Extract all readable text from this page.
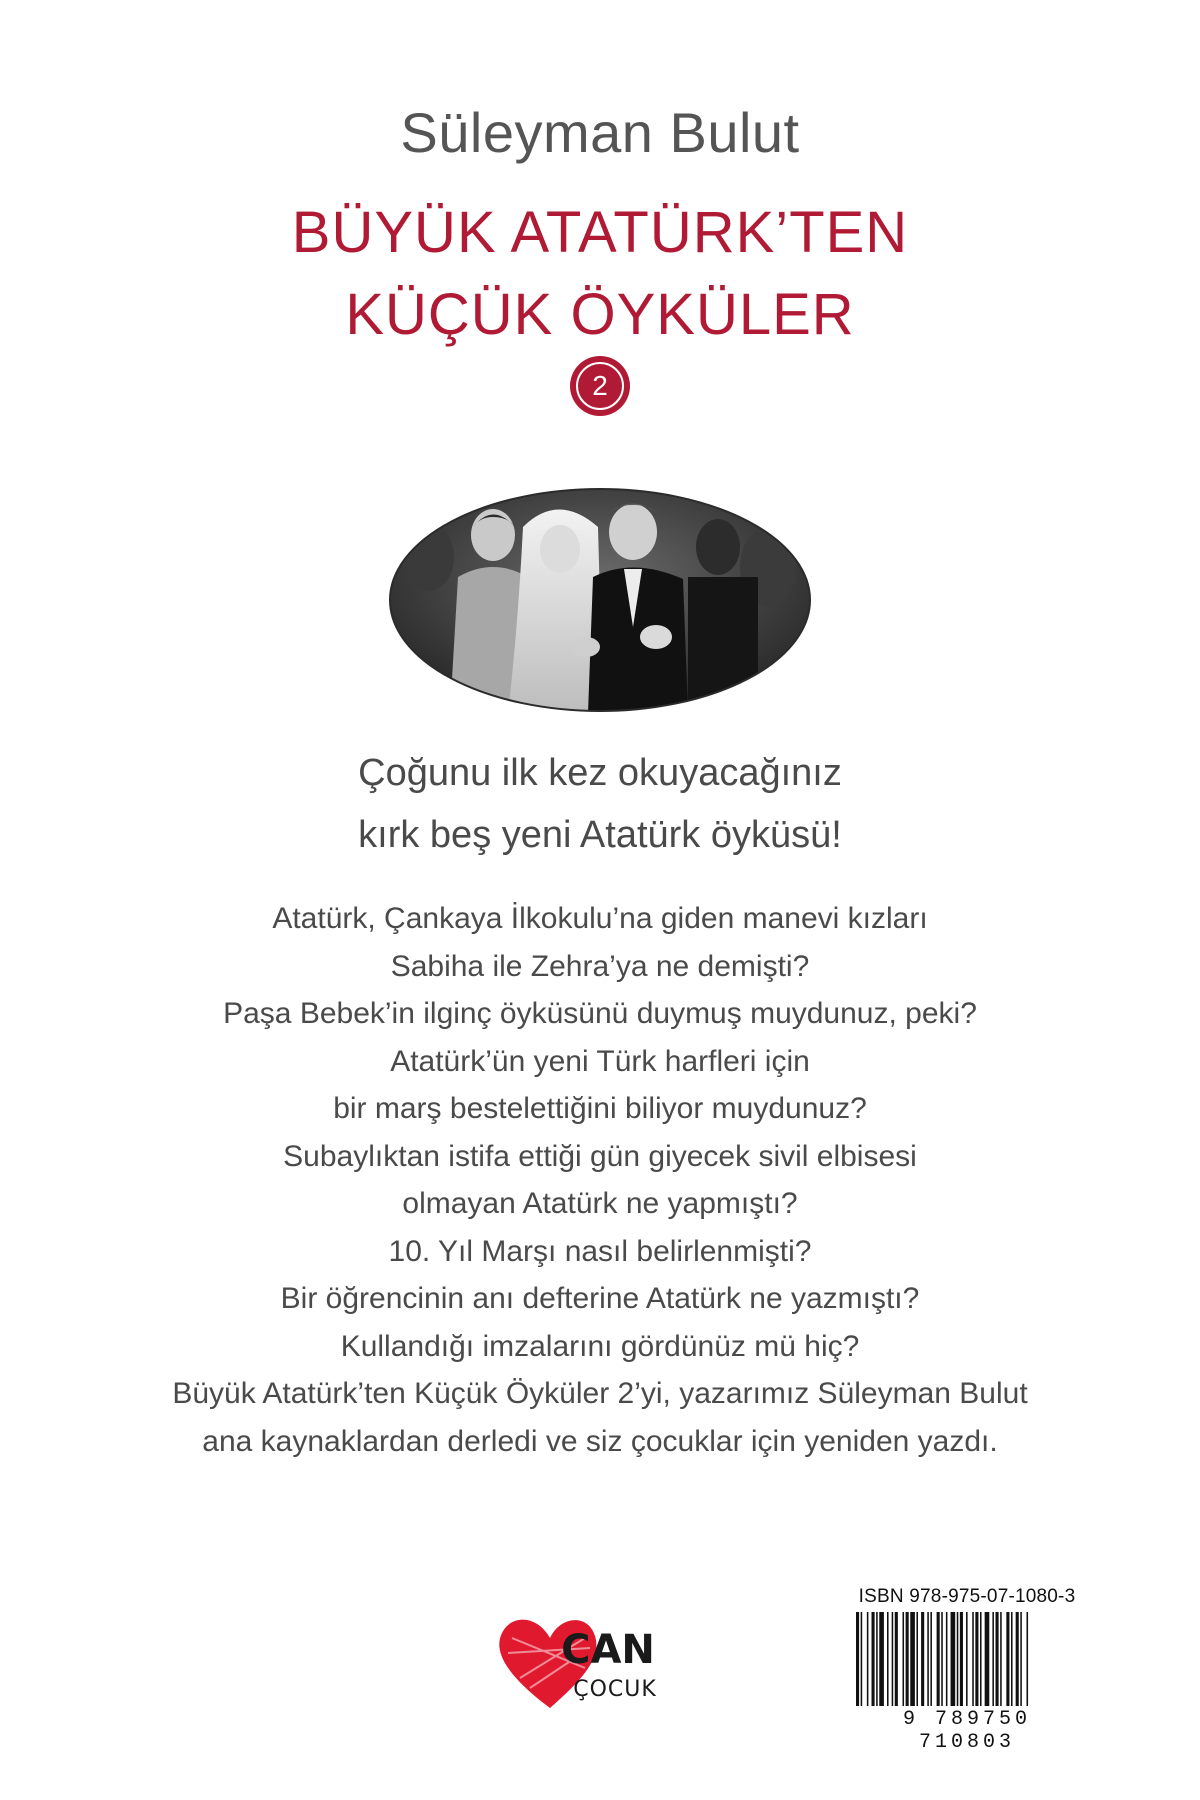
Süleyman Bulut
BÜYÜK ATATÜRK’TEN
KÜÇÜK ÖYKÜLER
2
Çoğunu ilk kez okuyacağınız
kırk beş yeni Atatürk öyküsü!
Atatürk, Çankaya İlkokulu’na giden manevi kızları
Sabiha ile Zehra’ya ne demişti?
Paşa Bebek’in ilginç öyküsünü duymuş muydunuz, peki?
Atatürk’ün yeni Türk harfleri için
bir marş bestelettiğini biliyor muydunuz?
Subaylıktan istifa ettiği gün giyecek sivil elbisesi
olmayan Atatürk ne yapmıştı?
10. Yıl Marşı nasıl belirlenmişti?
Bir öğrencinin anı defterine Atatürk ne yazmıştı?
Kullandığı imzalarını gördünüz mü hiç?
Büyük Atatürk’ten Küçük Öyküler 2’yi, yazarımız Süleyman Bulut
ana kaynaklardan derledi ve siz çocuklar için yeniden yazdı.
CAN
ÇOCUK
ISBN 978-975-07-1080-3
9 789750 710803
